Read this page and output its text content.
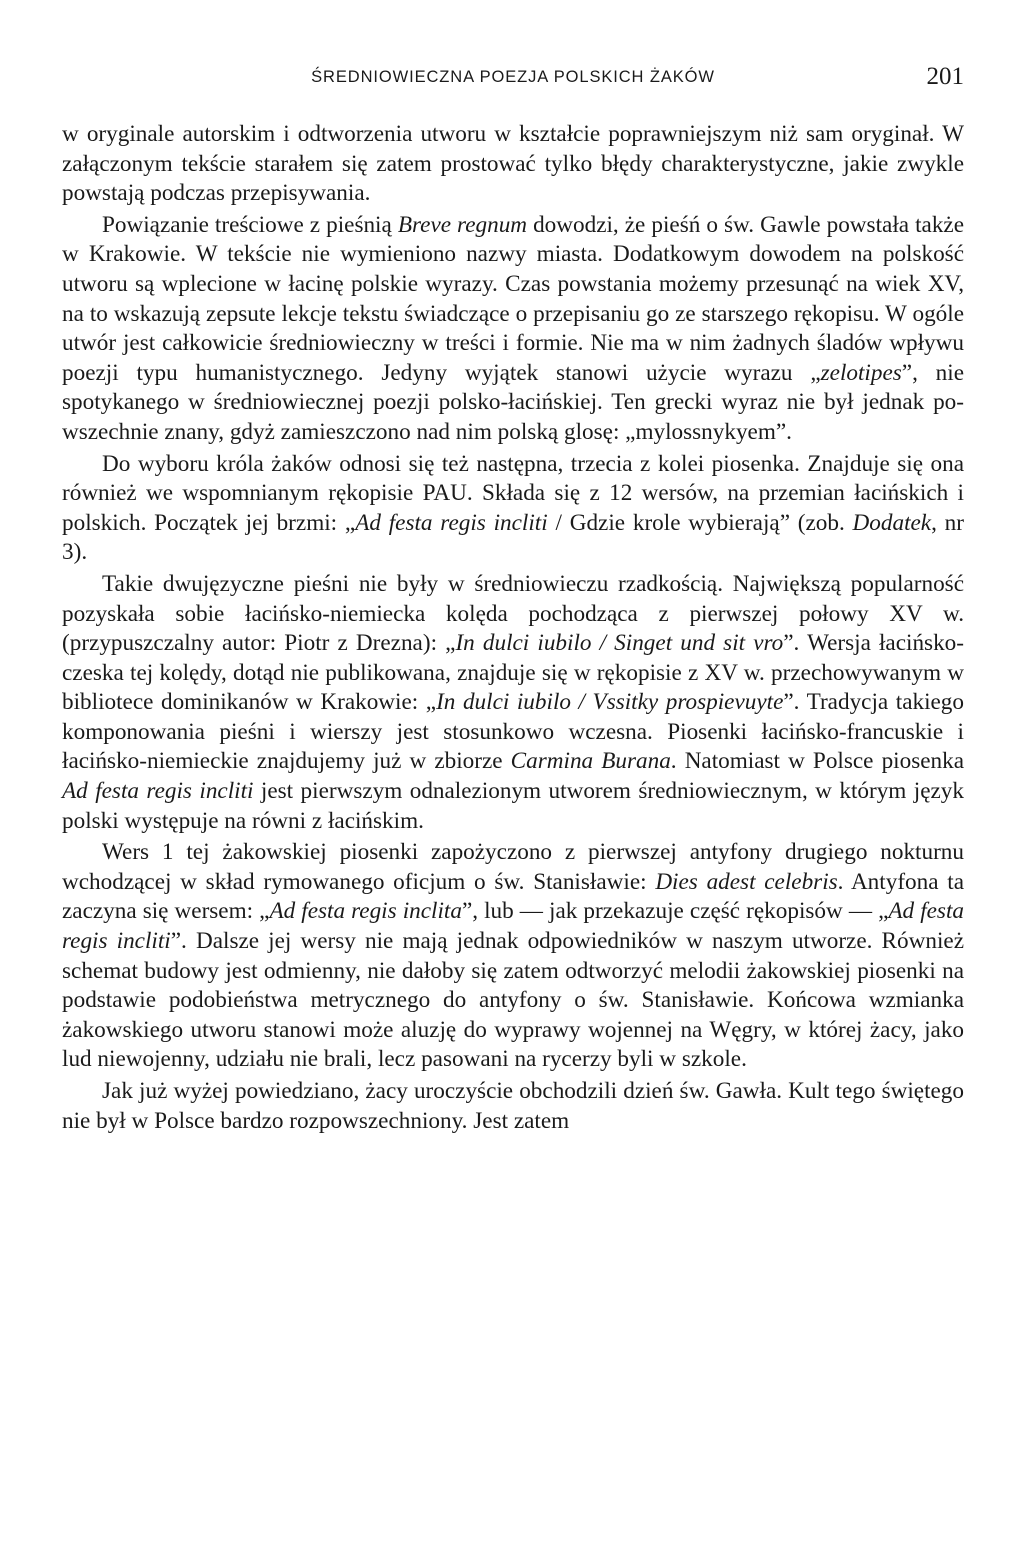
ŚREDNIOWIECZNA POEZJA POLSKICH ŻAKÓW	201

w oryginale autorskim i odtworzenia utworu w kształcie poprawniejszym niż sam oryginał. W załączonym tekście starałem się zatem prostować tylko błędy charakterystyczne, jakie zwykle powstają podczas przepisywania.

Powiązanie treściowe z pieśnią Breve regnum dowodzi, że pieśń o św. Gawle powstała także w Krakowie. W tekście nie wymieniono nazwy miasta. Dodatkowym dowodem na polskość utworu są wplecione w łacinę polskie wyrazy. Czas powstania możemy przesunąć na wiek XV, na to wskazują zepsute lekcje tekstu świadczące o przepisaniu go ze starszego rękopisu. W ogóle utwór jest całkowicie średniowieczny w treści i formie. Nie ma w nim żadnych śladów wpływu poezji typu humanistycznego. Jedyny wyjątek stanowi użycie wyrazu „zelotipes”, nie spotykanego w średniowiecznej poezji polsko-łacińskiej. Ten grecki wyraz nie był jednak powszechnie znany, gdyż zamieszczono nad nim polską glosę: „mylossnykyem”.

Do wyboru króla żaków odnosi się też następna, trzecia z kolei piosenka. Znajduje się ona również we wspomnianym rękopisie PAU. Składa się z 12 wersów, na przemian łacińskich i polskich. Początek jej brzmi: „Ad festa regis incliti / Gdzie krole wybierają” (zob. Dodatek, nr 3).

Takie dwujęzyczne pieśni nie były w średniowieczu rzadkością. Największą popularność pozyskała sobie łacińsko-niemiecka kolęda pochodząca z pierwszej połowy XV w. (przypuszczalny autor: Piotr z Drezna): „In dulci iubilo / Singet und sit vro”. Wersja łacińsko-czeska tej kolędy, dotąd nie publikowana, znajduje się w rękopisie z XV w. przechowywanym w bibliotece dominikanów w Krakowie: „In dulci iubilo / Vssitky prospievuyte”. Tradycja takiego komponowania pieśni i wierszy jest stosunkowo wczesna. Piosenki łacińsko-francuskie i łacińsko-niemieckie znajdujemy już w zbiorze Carmina Burana. Natomiast w Polsce piosenka Ad festa regis incliti jest pierwszym odnalezionym utworem średniowiecznym, w którym język polski występuje na równi z łacińskim.

Wers 1 tej żakowskiej piosenki zapożyczono z pierwszej antyfony drugiego nokturnu wchodzącej w skład rymowanego oficjum o św. Stanisławie: Dies adest celebris. Antyfona ta zaczyna się wersem: „Ad festa regis inclita”, lub — jak przekazuje część rękopisów — „Ad festa regis incliti”. Dalsze jej wersy nie mają jednak odpowiedników w naszym utworze. Również schemat budowy jest odmienny, nie dałoby się zatem odtworzyć melodii żakowskiej piosenki na podstawie podobieństwa metrycznego do antyfony o św. Stanisławie. Końcowa wzmianka żakowskiego utworu stanowi może aluzję do wyprawy wojennej na Węgry, w której żacy, jako lud niewojenny, udziału nie brali, lecz pasowani na rycerzy byli w szkole.

Jak już wyżej powiedziano, żacy uroczyście obchodzili dzień św. Gawła. Kult tego świętego nie był w Polsce bardzo rozpowszechniony. Jest zatem
